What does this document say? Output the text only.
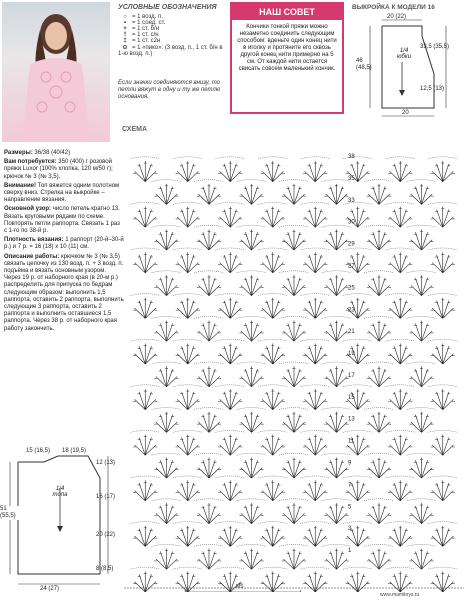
УСЛОВНЫЕ ОБОЗНАЧЕНИЯ
○ = 1 возд. п.
• = 1 соед. ст.
+ = 1 ст. б/н
† = 1 ст. с/н
‡ = 1 ст. с2н
⊙ = 1 «пико»: (3 возд. п., 1 ст. б/н в 1-ю возд. п.)
Если значки соединяются внизу, то петли вяжут в одну и ту же петлю основания.
НАШ СОВЕТ
Кончики тонкой пряжи можно незаметно соединить следующим способом: вденьте один конец нити в иголку и протяните его сквозь другой конец нити примерно на 5 см. От каждой нити остается свисать совсем маленький кончик.
ВЫКРОЙКА К МОДЕЛИ 16
20 (22)
46 (48,5)
33,5 (35,5)
12,5 (13)
1/4 юбки
20

Размеры: 36/38 (40/42)

Вам потребуется: 350 (400) г розовой пряжи Luxor (100% хлопка, 120 м/50 г); крючок № 3 (№ 3,5).

Внимание! Топ вяжется одним полотном сверху вниз. Стрелка на выкройке – направление вязания.

Основной узор: число петель кратно 13. Вязать круговыми рядами по схеме. Повторять петли раппорта. Связать 1 раз с 1-го по 38-й р.

Плотность вязания: 1 раппорт (20-й–30-й р.) и 7 р. = 16 (18) x 10 (11) см.

Описание работы: крючком № 3 (№ 3,5) связать цепочку из 130 возд. п. + 3 возд. п. подъёма и вязать основным узором. Через 19 р. от наборного края (в 20-м р.) распределить для припуска по бедрам следующим образом: выполнить 1,5 раппорта, оставить 2 раппорта, выполнить следующие 3 раппорта, оставить 2 раппорта и выполнить оставшиеся 1,5 раппорта. Через 38 р. от наборного края работу закончить.

СХЕМА
38
35
33
30
29
27
25
23
21
19
17
15
13
11
9
7
5
3
1
МS
15 (16,5) 18 (19,5)
12 (13)
51 (55,5)
1/4 топа	16 (17)
20 (22)
8 (8,5)
24 (27)
www.mamitoys.ru
